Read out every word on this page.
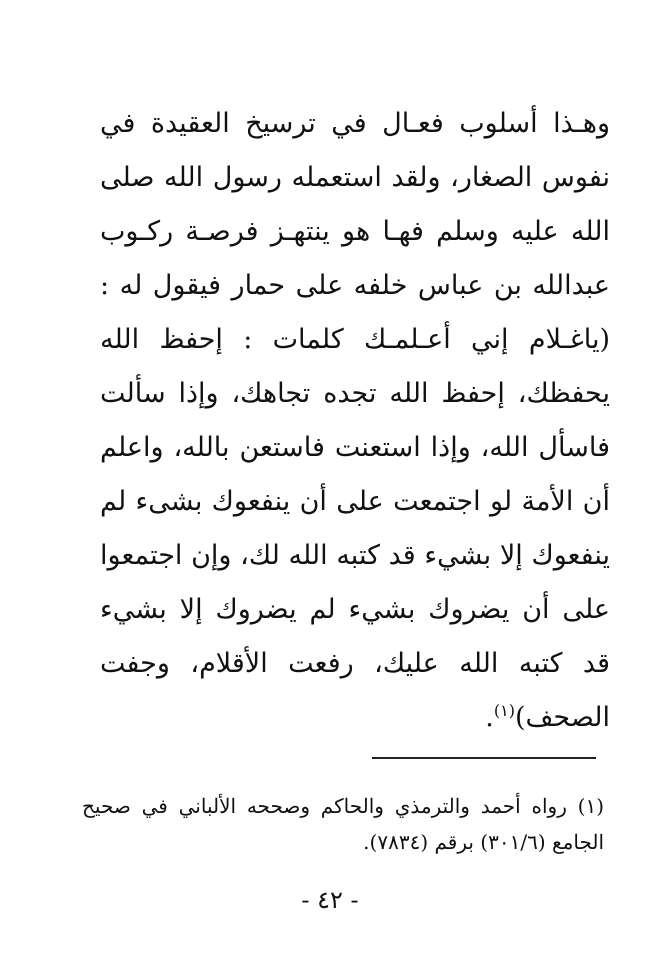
وهـذا أسلوب فعـال في ترسيخ العقيدة في نفوس الصغار، ولقد استعمله رسول الله صلى الله عليه وسلم فهـا هو ينتهـز فرصـة ركـوب عبدالله بن عباس خلفه على حمار فيقول له : (ياغـلام إني أعـلمـك كلمات : إحفظ الله يحفظك، إحفظ الله تجده تجاهك، وإذا سألت فاسأل الله، وإذا استعنت فاستعن بالله، واعلم أن الأمة لو اجتمعت على أن ينفعوك بشىء لم ينفعوك إلا بشيء قد كتبه الله لك، وإن اجتمعوا على أن يضروك بشيء لم يضروك إلا بشيء قد كتبه الله عليك، رفعت الأقلام، وجفت الصحف)$^{(١)}$.

(١) رواه أحمد والترمذي والحاكم وصححه الألباني في صحيح الجامع (٣٠١/٦) برقم (٧٨٣٤).

- ٤٢ -
